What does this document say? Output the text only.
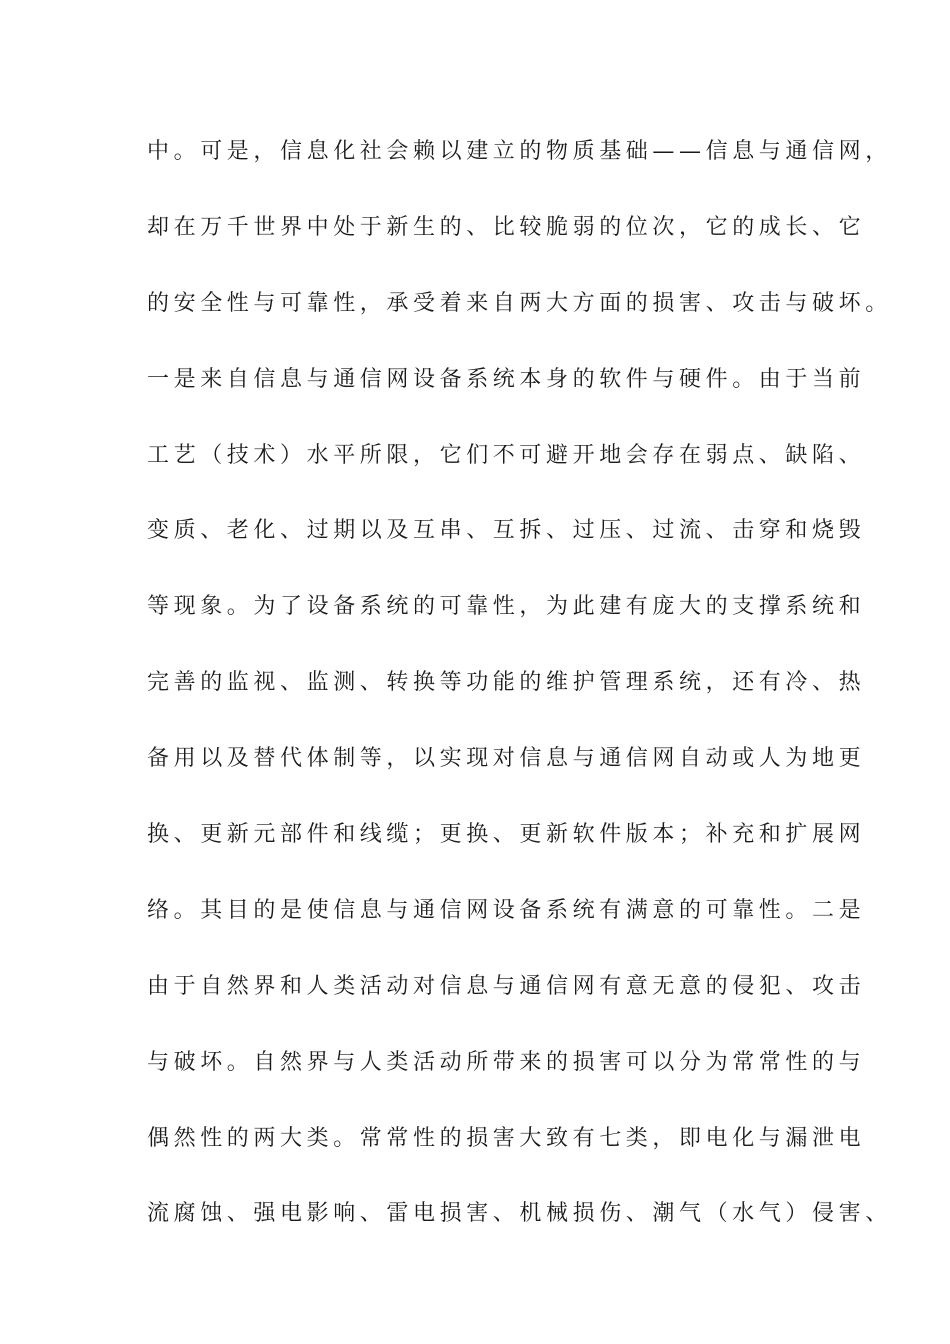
中。可是，信息化社会赖以建立的物质基础——信息与通信网，
却在万千世界中处于新生的、比较脆弱的位次，它的成长、它
的安全性与可靠性，承受着来自两大方面的损害、攻击与破坏。
一是来自信息与通信网设备系统本身的软件与硬件。由于当前
工艺（技术）水平所限，它们不可避开地会存在弱点、缺陷、
变质、老化、过期以及互串、互拆、过压、过流、击穿和烧毁
等现象。为了设备系统的可靠性，为此建有庞大的支撑系统和
完善的监视、监测、转换等功能的维护管理系统，还有冷、热
备用以及替代体制等，以实现对信息与通信网自动或人为地更
换、更新元部件和线缆；更换、更新软件版本；补充和扩展网
络。其目的是使信息与通信网设备系统有满意的可靠性。二是
由于自然界和人类活动对信息与通信网有意无意的侵犯、攻击
与破坏。自然界与人类活动所带来的损害可以分为常常性的与
偶然性的两大类。常常性的损害大致有七类，即电化与漏泄电
流腐蚀、强电影响、雷电损害、机械损伤、潮气（水气）侵害、
